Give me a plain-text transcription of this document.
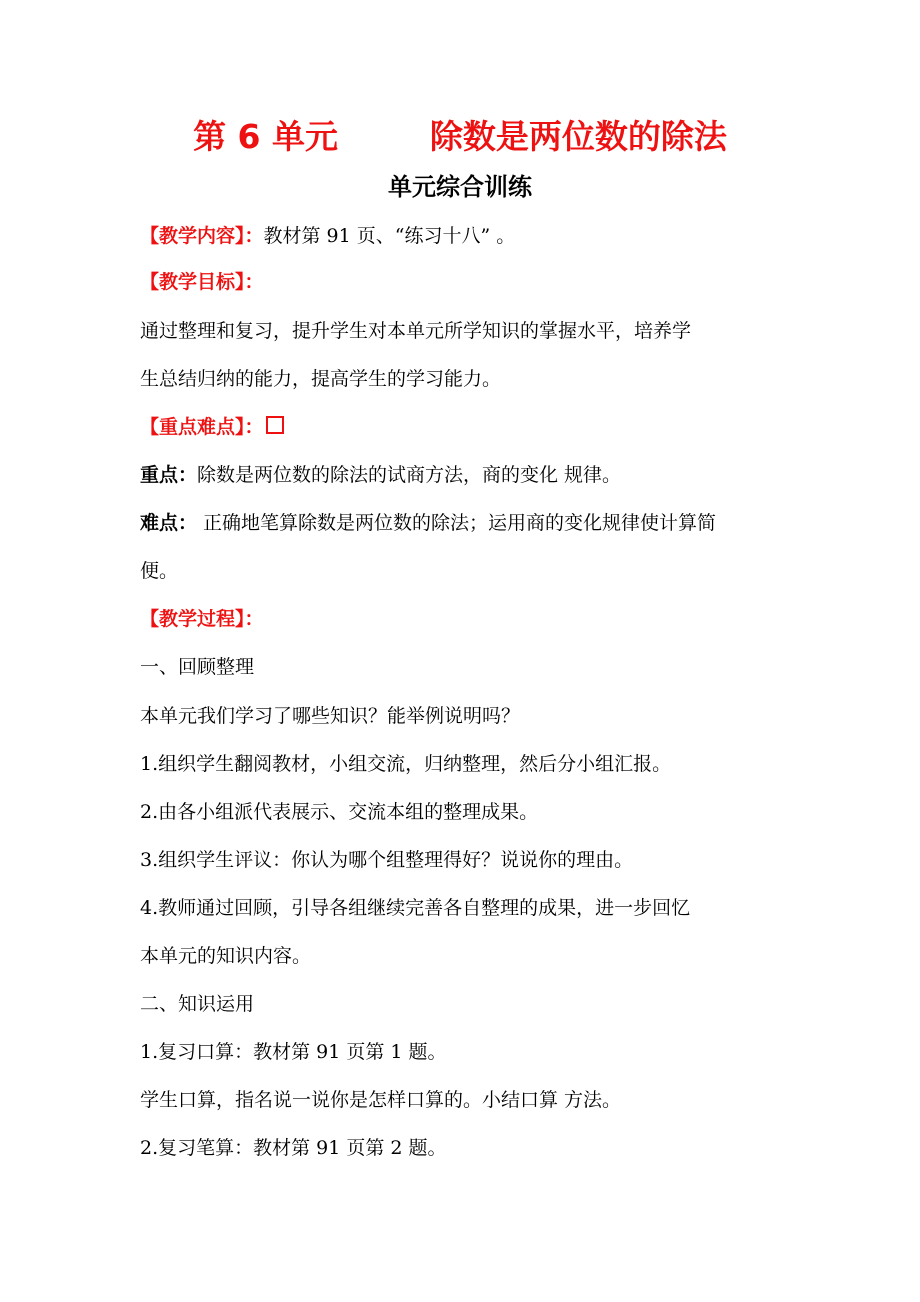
第 6 单元        除数是两位数的除法
单元综合训练
【教学内容】：教材第 91 页、“练习十八” 。
【教学目标】：
通过整理和复习，提升学生对本单元所学知识的掌握水平，培养学
生总结归纳的能力，提高学生的学习能力。
【重点难点】：
重点：除数是两位数的除法的试商方法，商的变化 规律。
难点： 正确地笔算除数是两位数的除法；运用商的变化规律使计算简
便。
【教学过程】：
一、回顾整理
本单元我们学习了哪些知识？能举例说明吗？
1.组织学生翻阅教材，小组交流，归纳整理，然后分小组汇报。
2.由各小组派代表展示、交流本组的整理成果。
3.组织学生评议：你认为哪个组整理得好？说说你的理由。
4.教师通过回顾，引导各组继续完善各自整理的成果，进一步回忆
本单元的知识内容。
二、知识运用
1.复习口算：教材第 91 页第 1 题。
学生口算，指名说一说你是怎样口算的。小结口算 方法。
2.复习笔算：教材第 91 页第 2 题。
